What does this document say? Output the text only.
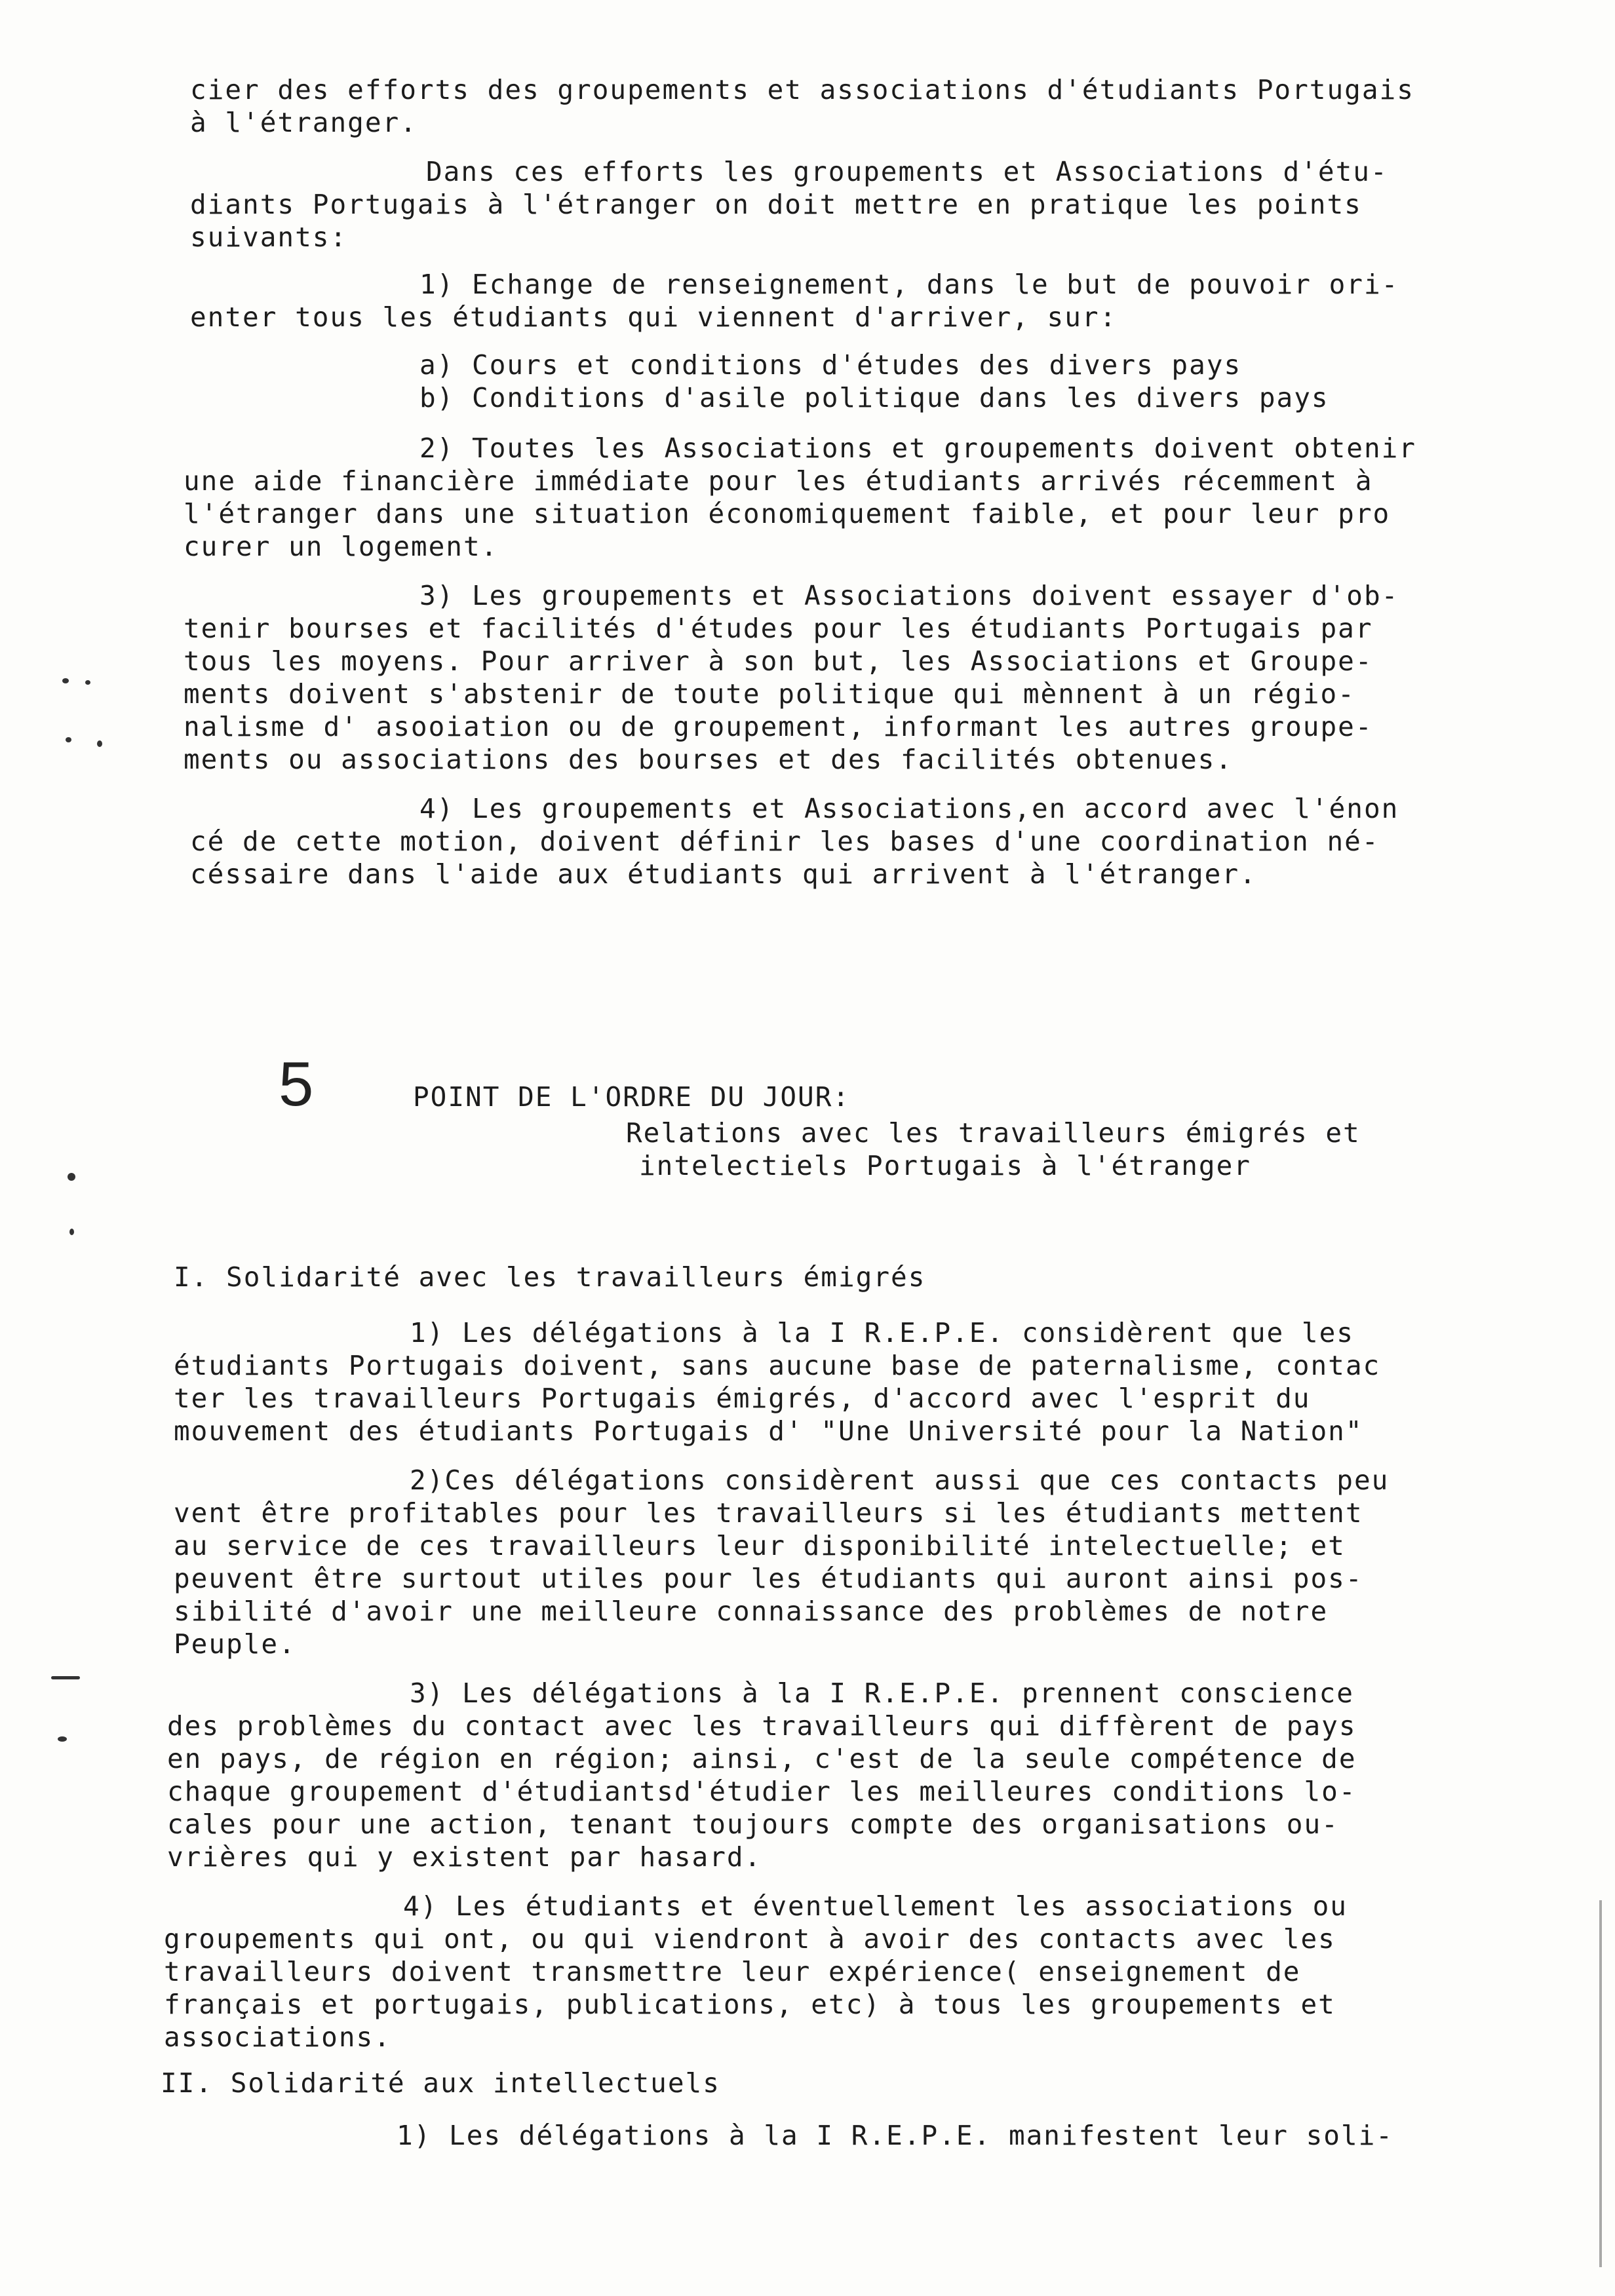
cier des efforts des groupements et associations d'étudiants Portugais
à l'étranger.
Dans ces efforts les groupements et Associations d'étu-
diants Portugais à l'étranger on doit mettre en pratique les points
suivants:
1) Echange de renseignement, dans le but de pouvoir ori-
enter tous les étudiants qui viennent d'arriver, sur:
a) Cours et conditions d'études des divers pays
b) Conditions d'asile politique dans les divers pays
2) Toutes les Associations et groupements doivent obtenir
une aide financière immédiate pour les étudiants arrivés récemment à
l'étranger dans une situation économiquement faible, et pour leur pro
curer un logement.
3) Les groupements et Associations doivent essayer d'ob-
tenir bourses et facilités d'études pour les étudiants Portugais par
tous les moyens. Pour arriver à son but, les Associations et Groupe-
ments doivent s'abstenir de toute politique qui mènnent à un régio-
nalisme d' asooiation ou de groupement, informant les autres groupe-
ments ou associations des bourses et des facilités obtenues.
4) Les groupements et Associations,en accord avec l'énon
cé de cette motion, doivent définir les bases d'une coordination né-
céssaire dans l'aide aux étudiants qui arrivent à l'étranger.
5	POINT DE L'ORDRE DU JOUR:
Relations avec les travailleurs émigrés et
intelectiels Portugais à l'étranger
I. Solidarité avec les travailleurs émigrés
1) Les délégations à la I R.E.P.E. considèrent que les
étudiants Portugais doivent, sans aucune base de paternalisme, contac
ter les travailleurs Portugais émigrés, d'accord avec l'esprit du
mouvement des étudiants Portugais d' "Une Université pour la Nation"
2)Ces délégations considèrent aussi que ces contacts peu
vent être profitables pour les travailleurs si les étudiants mettent
au service de ces travailleurs leur disponibilité intelectuelle; et
peuvent être surtout utiles pour les étudiants qui auront ainsi pos-
sibilité d'avoir une meilleure connaissance des problèmes de notre
Peuple.
3) Les délégations à la I R.E.P.E. prennent conscience
des problèmes du contact avec les travailleurs qui diffèrent de pays
en pays, de région en région; ainsi, c'est de la seule compétence de
chaque groupement d'étudiantsd'étudier les meilleures conditions lo-
cales pour une action, tenant toujours compte des organisations ou-
vrières qui y existent par hasard.
4) Les étudiants et éventuellement les associations ou
groupements qui ont, ou qui viendront à avoir des contacts avec les
travailleurs doivent transmettre leur expérience( enseignement de
français et portugais, publications, etc) à tous les groupements et
associations.
II. Solidarité aux intellectuels
1) Les délégations à la I R.E.P.E. manifestent leur soli-
